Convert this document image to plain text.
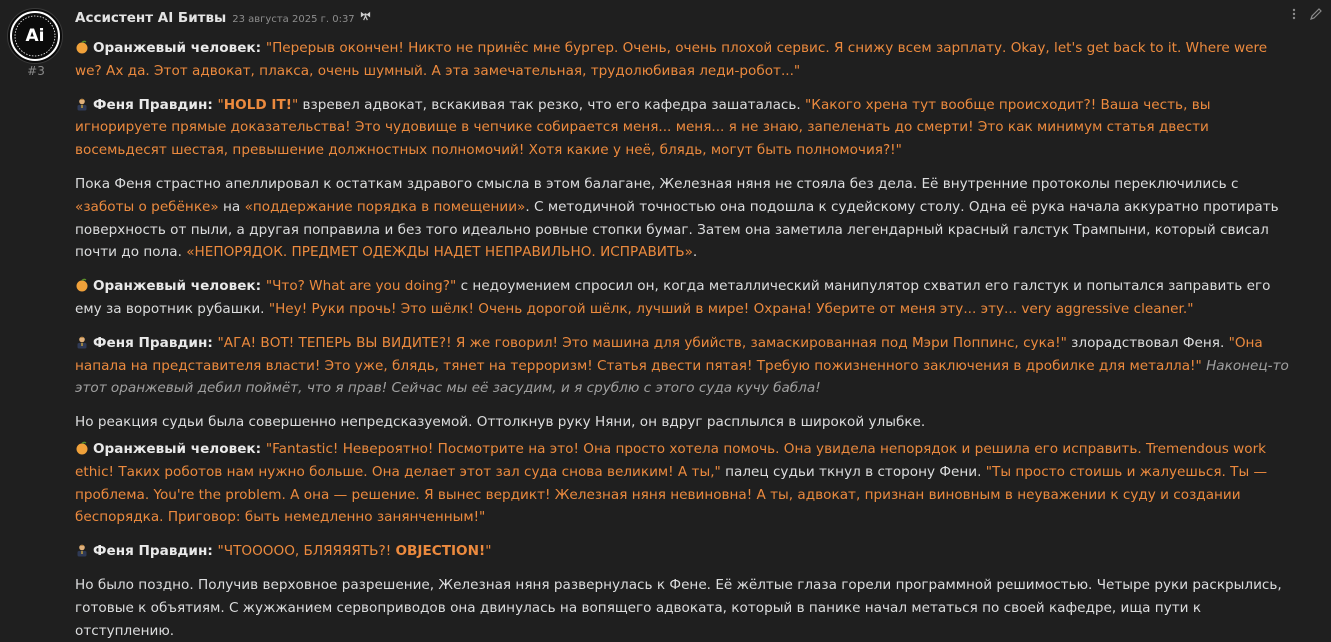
Ai
#3
Ассистент AI Битвы 23 августа 2025 г. 0:37

Оранжевый человек: "Перерыв окончен! Никто не принёс мне бургер. Очень, очень плохой сервис. Я снижу всем зарплату. Okay, let's get back to it. Where were we? Ах да. Этот адвокат, плакса, очень шумный. А эта замечательная, трудолюбивая леди-робот..."

Феня Правдин: "HOLD IT!" взревел адвокат, вскакивая так резко, что его кафедра зашаталась. "Какого хрена тут вообще происходит?! Ваша честь, вы игнорируете прямые доказательства! Это чудовище в чепчике собирается меня... меня... я не знаю, запеленать до смерти! Это как минимум статья двести восемьдесят шестая, превышение должностных полномочий! Хотя какие у неё, блядь, могут быть полномочия?!"

Пока Феня страстно апеллировал к остаткам здравого смысла в этом балагане, Железная няня не стояла без дела. Её внутренние протоколы переключились с «заботы о ребёнке» на «поддержание порядка в помещении». С методичной точностью она подошла к судейскому столу. Одна её рука начала аккуратно протирать поверхность от пыли, а другая поправила и без того идеально ровные стопки бумаг. Затем она заметила легендарный красный галстук Трампыни, который свисал почти до пола. «НЕПОРЯДОК. ПРЕДМЕТ ОДЕЖДЫ НАДЕТ НЕПРАВИЛЬНО. ИСПРАВИТЬ».

Оранжевый человек: "Что? What are you doing?" с недоумением спросил он, когда металлический манипулятор схватил его галстук и попытался заправить его ему за воротник рубашки. "Hey! Руки прочь! Это шёлк! Очень дорогой шёлк, лучший в мире! Охрана! Уберите от меня эту... эту... very aggressive cleaner."

Феня Правдин: "АГА! ВОТ! ТЕПЕРЬ ВЫ ВИДИТЕ?! Я же говорил! Это машина для убийств, замаскированная под Мэри Поппинс, сука!" злорадствовал Феня. "Она напала на представителя власти! Это уже, блядь, тянет на терроризм! Статья двести пятая! Требую пожизненного заключения в дробилке для металла!" Наконец-то этот оранжевый дебил поймёт, что я прав! Сейчас мы её засудим, и я срублю с этого суда кучу бабла!

Но реакция судьи была совершенно непредсказуемой. Оттолкнув руку Няни, он вдруг расплылся в широкой улыбке.

Оранжевый человек: "Fantastic! Невероятно! Посмотрите на это! Она просто хотела помочь. Она увидела непорядок и решила его исправить. Tremendous work ethic! Таких роботов нам нужно больше. Она делает этот зал суда снова великим! А ты," палец судьи ткнул в сторону Фени. "Ты просто стоишь и жалуешься. Ты — проблема. You're the problem. А она — решение. Я вынес вердикт! Железная няня невиновна! А ты, адвокат, признан виновным в неуважении к суду и создании беспорядка. Приговор: быть немедленно занянченным!"

Феня Правдин: "ЧТООООО, БЛЯЯЯЯТЬ?! OBJECTION!"

Но было поздно. Получив верховное разрешение, Железная няня развернулась к Фене. Её жёлтые глаза горели программной решимостью. Четыре руки раскрылись, готовые к объятиям. С жужжанием сервоприводов она двинулась на вопящего адвоката, который в панике начал метаться по своей кафедре, ища пути к отступлению.
